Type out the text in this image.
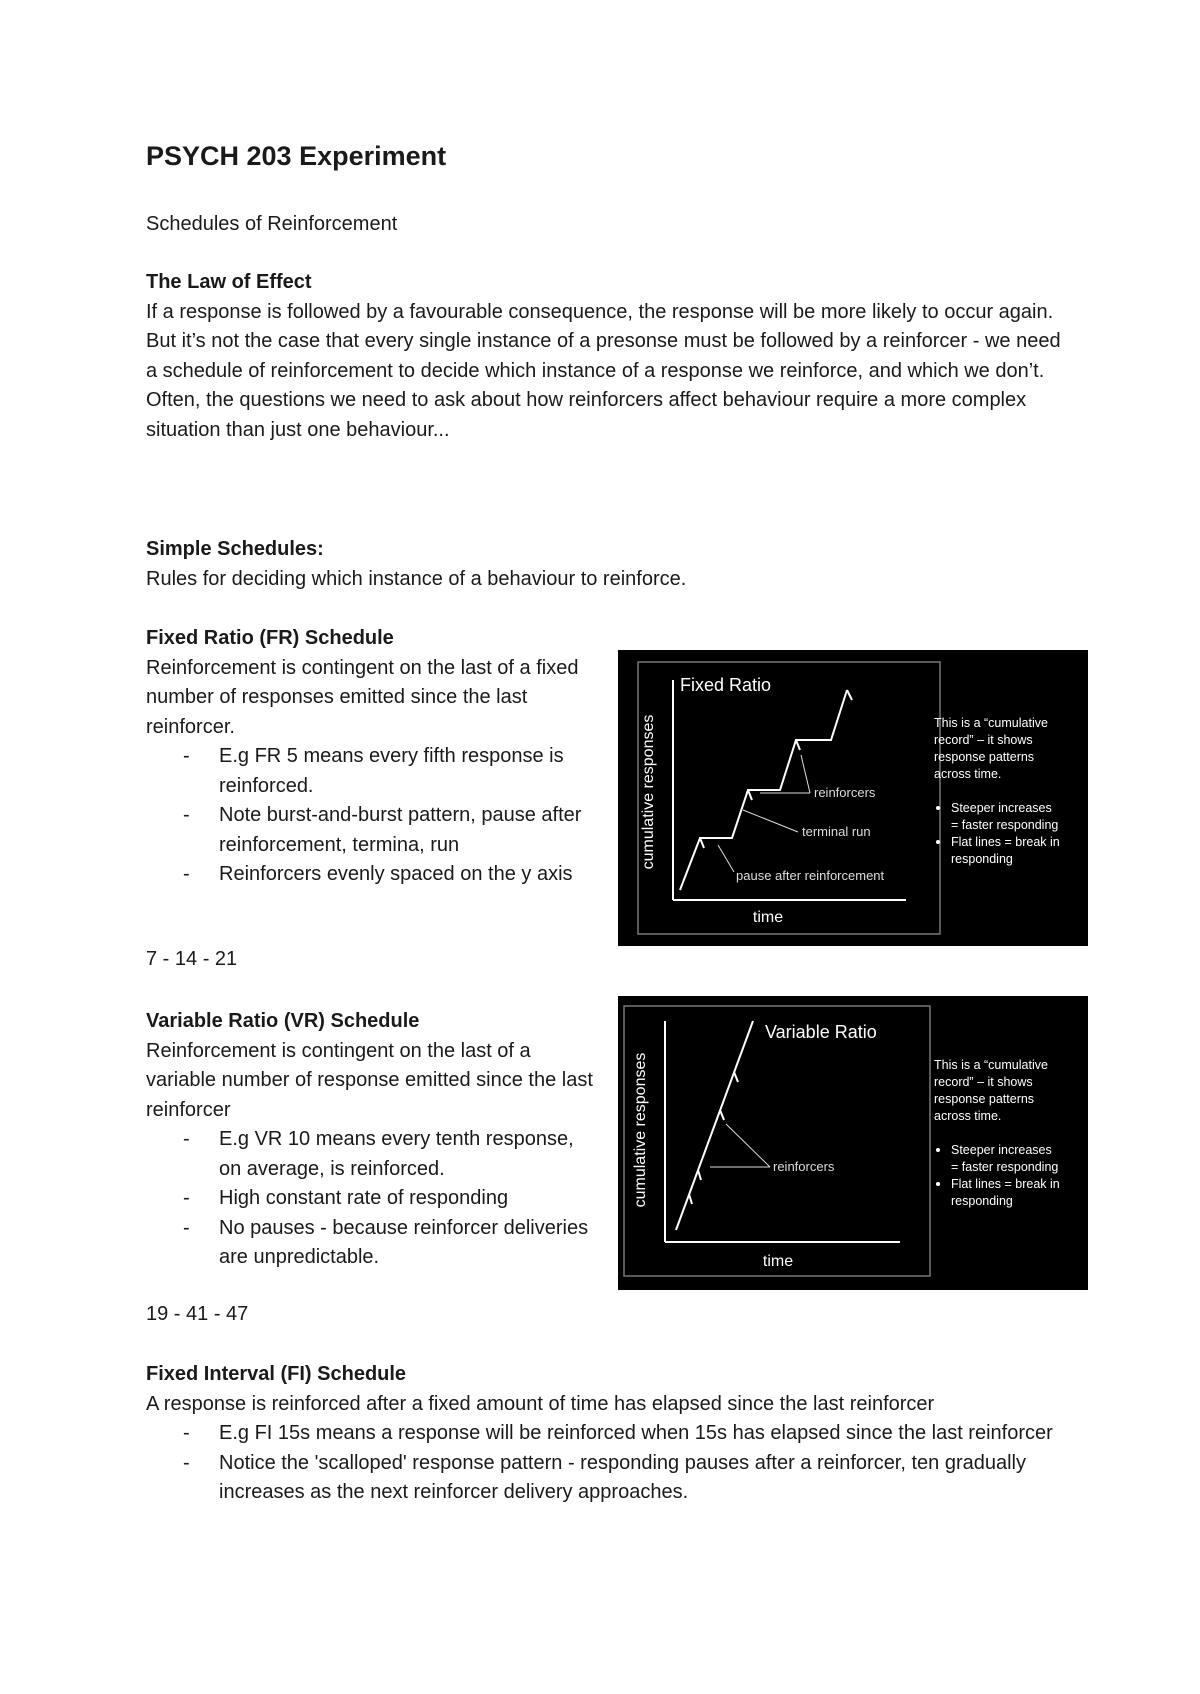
PSYCH 203 Experiment

Schedules of Reinforcement

The Law of Effect

If a response is followed by a favourable consequence, the response will be more likely to occur again.

But it’s not the case that every single instance of a presonse must be followed by a reinforcer - we need a schedule of reinforcement to decide which instance of a response we reinforce, and which we don’t.

Often, the questions we need to ask about how reinforcers affect behaviour require a more complex situation than just one behaviour...

Simple Schedules:

Rules for deciding which instance of a behaviour to reinforce.

Fixed Ratio (FR) Schedule

Reinforcement is contingent on the last of a fixed number of responses emitted since the last reinforcer.

- E.g FR 5 means every fifth response is reinforced.
- Note burst-and-burst pattern, pause after reinforcement, termina, run
- Reinforcers evenly spaced on the y axis

7 - 14 - 21

Fixed Ratio
time
cumulative responses	reinforcers
terminal run
pause after reinforcement
This is a “cumulative
record” – it shows
response patterns
across time.
Steeper increases
= faster responding
Flat lines = break in
responding

Variable Ratio (VR) Schedule

Reinforcement is contingent on the last of a variable number of response emitted since the last reinforcer

- E.g VR 10 means every tenth response, on average, is reinforced.
- High constant rate of responding
- No pauses - because reinforcer deliveries are unpredictable.

19 - 41 - 47

Variable Ratio
time
cumulative responses	reinforcers
This is a “cumulative
record” – it shows
response patterns
across time.
Steeper increases
= faster responding
Flat lines = break in
responding

Fixed Interval (FI) Schedule

A response is reinforced after a fixed amount of time has elapsed since the last reinforcer

- E.g FI 15s means a response will be reinforced when 15s has elapsed since the last reinforcer
- Notice the 'scalloped' response pattern - responding pauses after a reinforcer, ten gradually increases as the next reinforcer delivery approaches.
